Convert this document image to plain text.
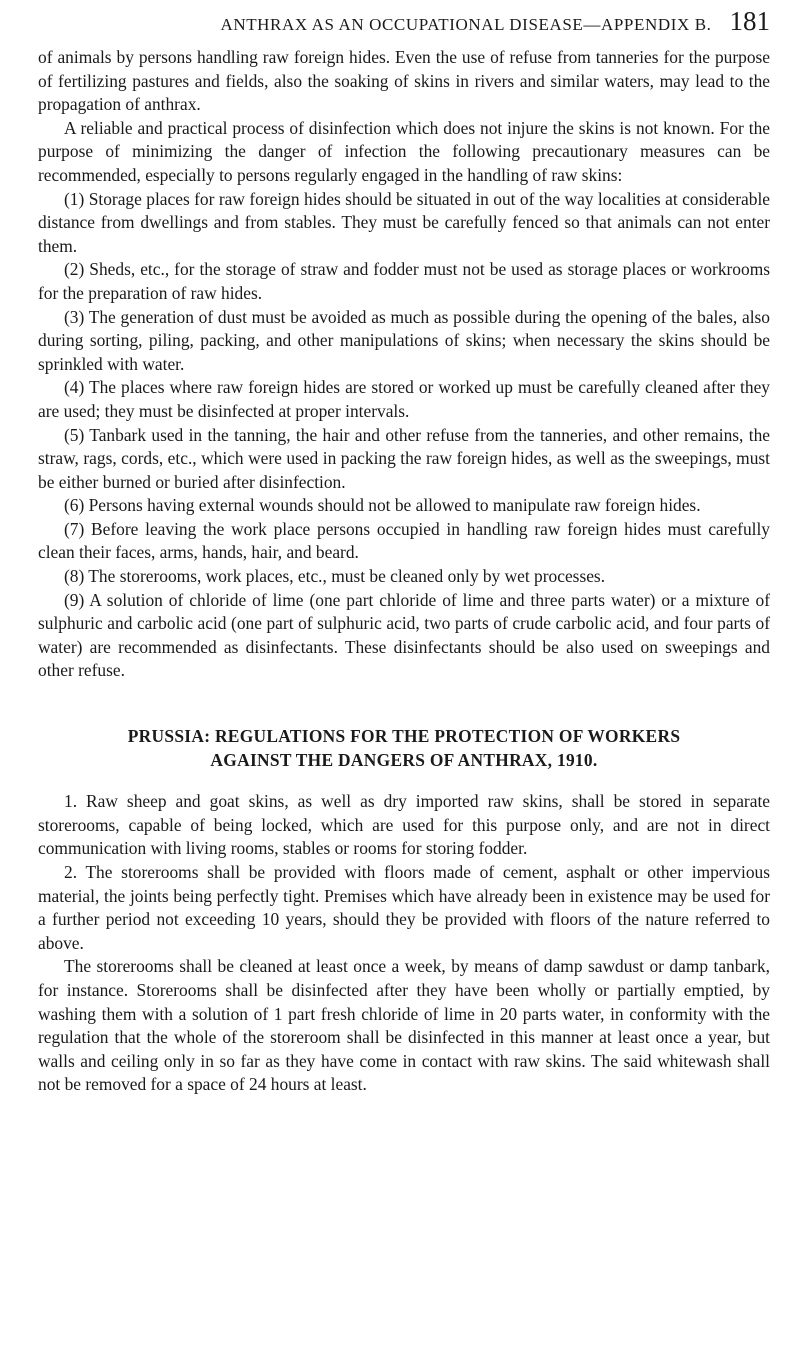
ANTHRAX AS AN OCCUPATIONAL DISEASE—APPENDIX B. 181

of animals by persons handling raw foreign hides. Even the use of refuse from tanneries for the purpose of fertilizing pastures and fields, also the soaking of skins in rivers and similar waters, may lead to the propagation of anthrax.

A reliable and practical process of disinfection which does not injure the skins is not known. For the purpose of minimizing the danger of infection the following precautionary measures can be recommended, especially to persons regularly engaged in the handling of raw skins:

(1) Storage places for raw foreign hides should be situated in out of the way localities at considerable distance from dwellings and from stables. They must be carefully fenced so that animals can not enter them.

(2) Sheds, etc., for the storage of straw and fodder must not be used as storage places or workrooms for the preparation of raw hides.

(3) The generation of dust must be avoided as much as possible during the opening of the bales, also during sorting, piling, packing, and other manipulations of skins; when necessary the skins should be sprinkled with water.

(4) The places where raw foreign hides are stored or worked up must be carefully cleaned after they are used; they must be disinfected at proper intervals.

(5) Tanbark used in the tanning, the hair and other refuse from the tanneries, and other remains, the straw, rags, cords, etc., which were used in packing the raw foreign hides, as well as the sweepings, must be either burned or buried after disinfection.

(6) Persons having external wounds should not be allowed to manipulate raw foreign hides.

(7) Before leaving the work place persons occupied in handling raw foreign hides must carefully clean their faces, arms, hands, hair, and beard.

(8) The storerooms, work places, etc., must be cleaned only by wet processes.

(9) A solution of chloride of lime (one part chloride of lime and three parts water) or a mixture of sulphuric and carbolic acid (one part of sulphuric acid, two parts of crude carbolic acid, and four parts of water) are recommended as disinfectants. These disinfectants should be also used on sweepings and other refuse.

PRUSSIA: REGULATIONS FOR THE PROTECTION OF WORKERS
AGAINST THE DANGERS OF ANTHRAX, 1910.

1. Raw sheep and goat skins, as well as dry imported raw skins, shall be stored in separate storerooms, capable of being locked, which are used for this purpose only, and are not in direct communication with living rooms, stables or rooms for storing fodder.

2. The storerooms shall be provided with floors made of cement, asphalt or other impervious material, the joints being perfectly tight. Premises which have already been in existence may be used for a further period not exceeding 10 years, should they be provided with floors of the nature referred to above.

The storerooms shall be cleaned at least once a week, by means of damp sawdust or damp tanbark, for instance. Storerooms shall be disinfected after they have been wholly or partially emptied, by washing them with a solution of 1 part fresh chloride of lime in 20 parts water, in conformity with the regulation that the whole of the storeroom shall be disinfected in this manner at least once a year, but walls and ceiling only in so far as they have come in contact with raw skins. The said whitewash shall not be removed for a space of 24 hours at least.
